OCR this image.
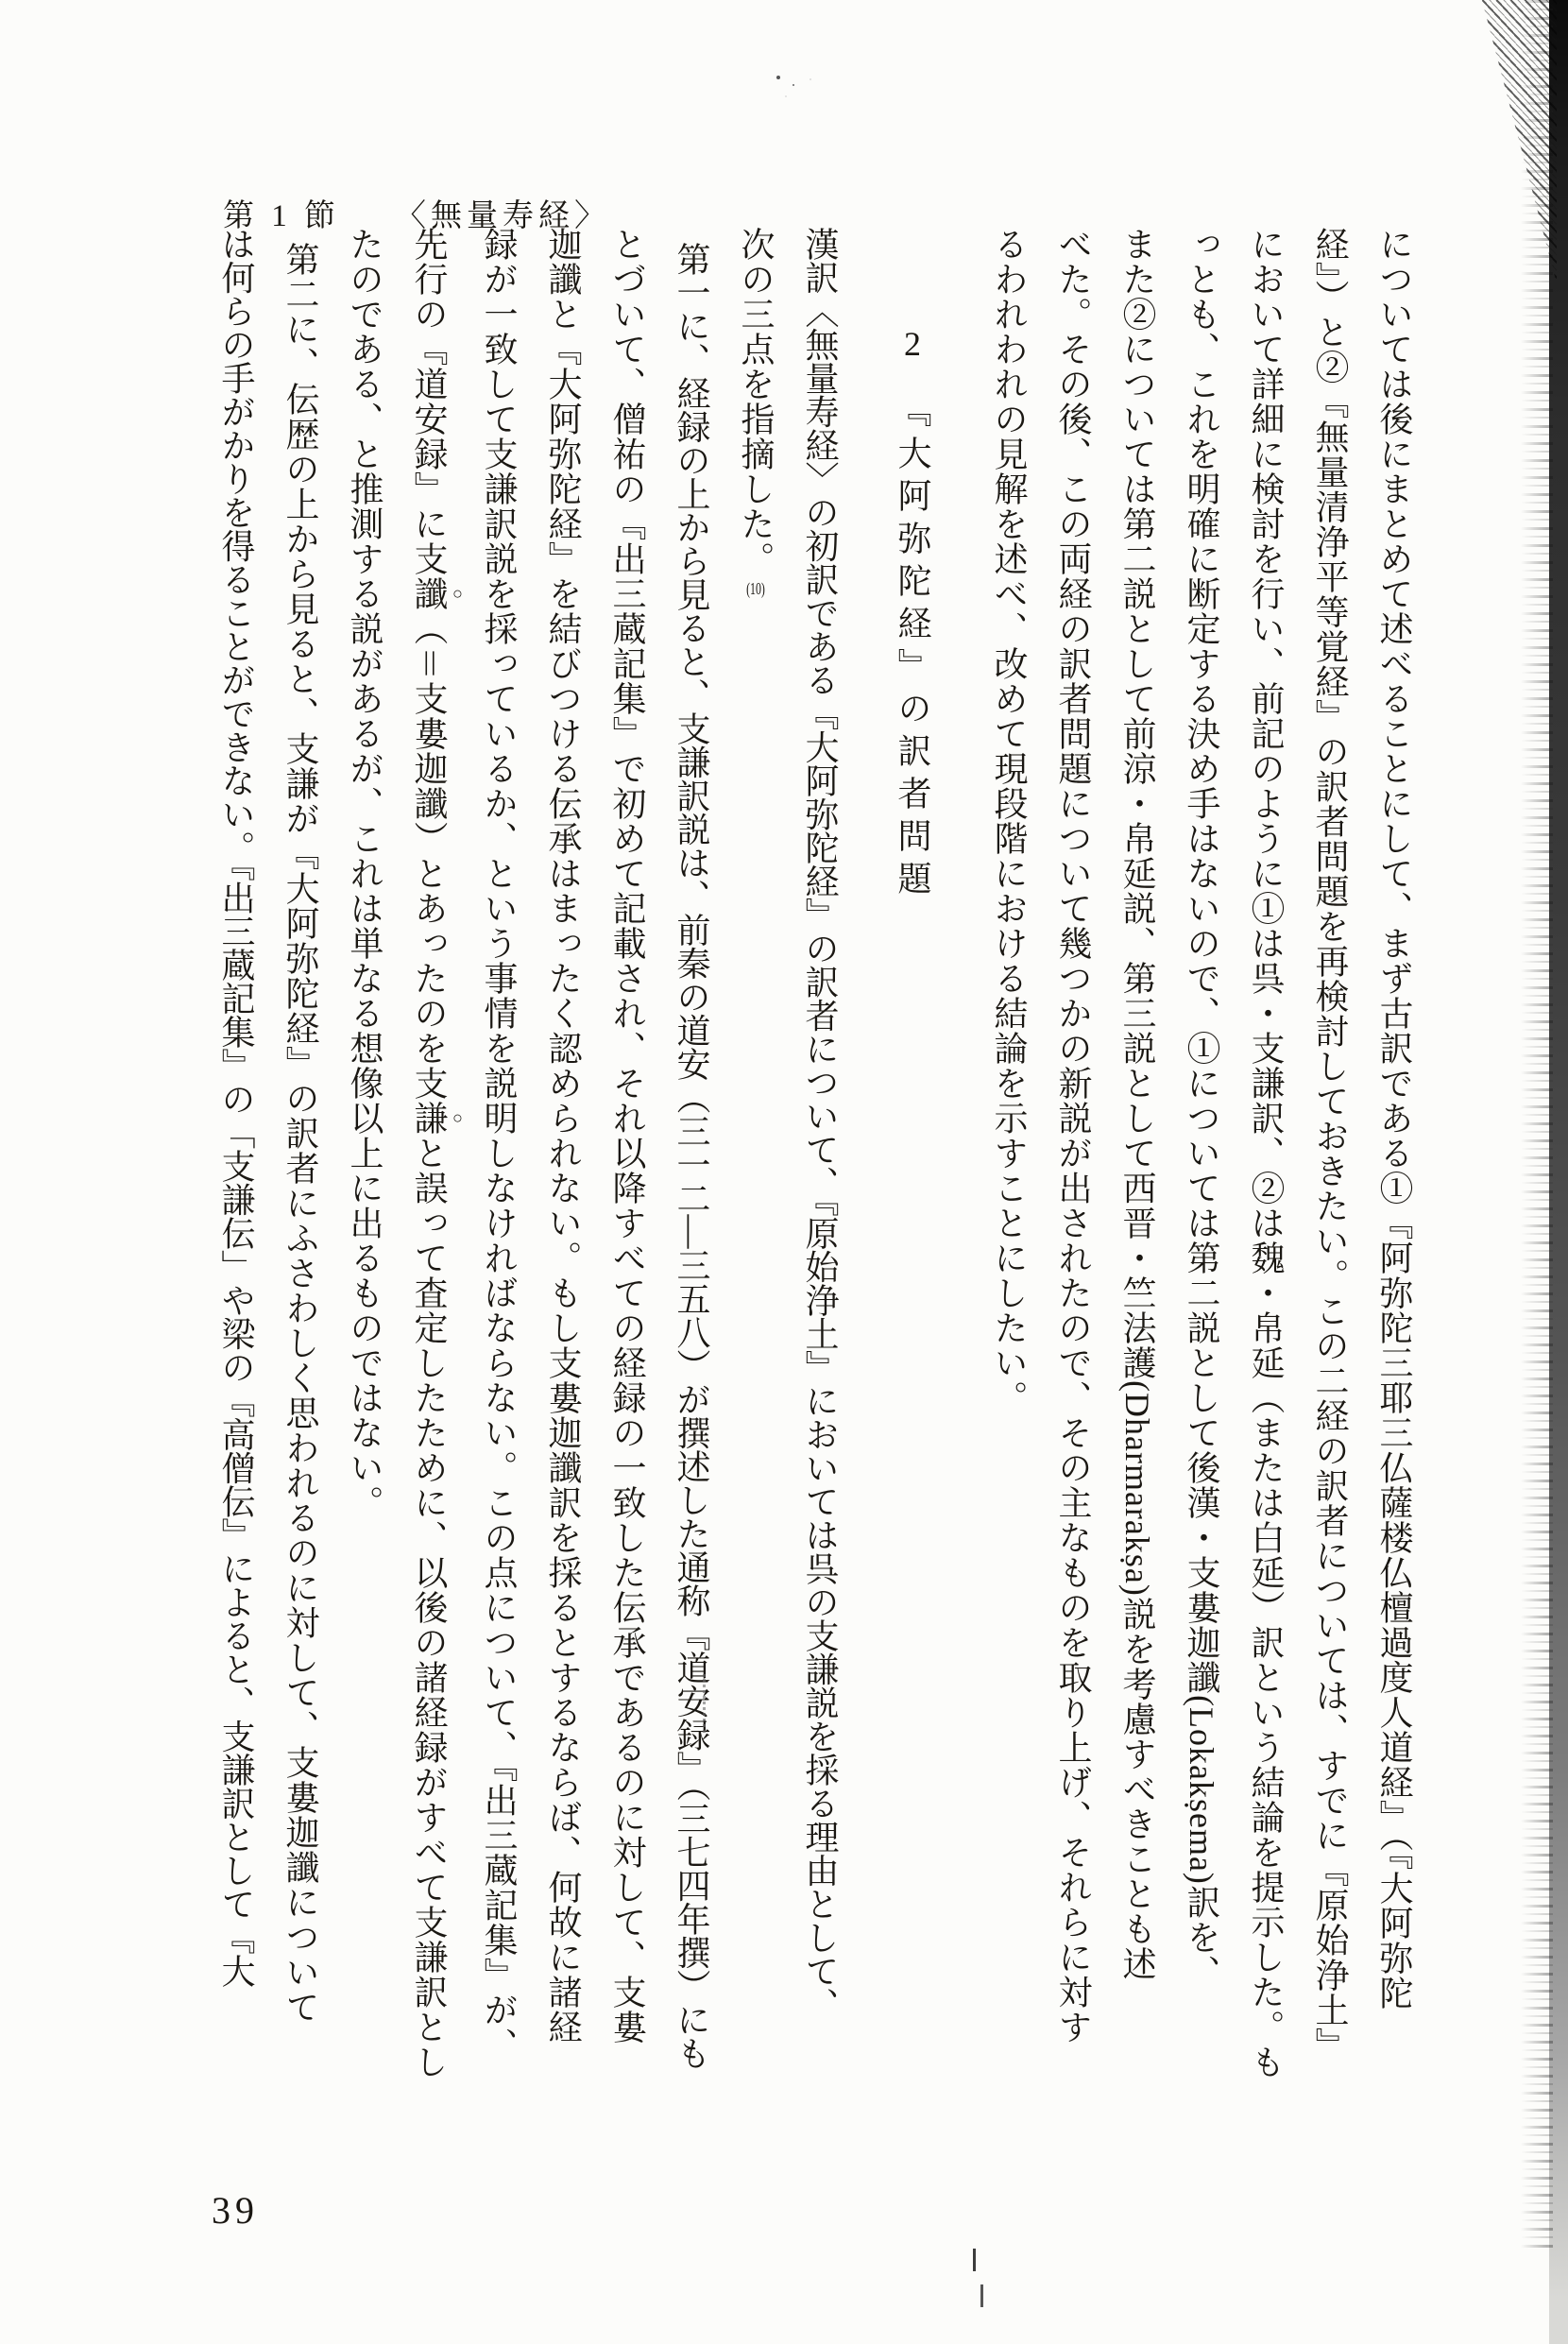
第 1 節 〈無量寿経〉

については後にまとめて述べることにして、まず古訳である①『阿弥陀三耶三仏薩楼仏檀過度人道経』（『大阿弥陀

経』）と②『無量清浄平等覚経』の訳者問題を再検討しておきたい。この二経の訳者については、すでに『原始浄土』

において詳細に検討を行い、前記のように①は呉・支謙訳、②は魏・帛延（または白延）訳という結論を提示した。も

っとも、これを明確に断定する決め手はないので、①については第二説として後漢・支婁迦讖(Lokakṣema)訳を、

また②については第二説として前涼・帛延説、第三説として西晋・竺法護(Dharmarakṣa)説を考慮すべきことも述

べた。その後、この両経の訳者問題について幾つかの新説が出されたので、その主なものを取り上げ、それらに対す

るわれわれの見解を述べ、改めて現段階における結論を示すことにしたい。

2『大阿弥陀経』の訳者問題

漢訳〈無量寿経〉の初訳である『大阿弥陀経』の訳者について、『原始浄土』においては呉の支謙説を採る理由として、

次の三点を指摘した。(10)

第一に、経録の上から見ると、支謙訳説は、前秦の道安（三一二―三五八）が撰述した通称『道安録』（三七四年撰）にも

とづいて、僧祐の『出三蔵記集』で初めて記載され、それ以降すべての経録の一致した伝承であるのに対して、支婁

迦讖と『大阿弥陀経』を結びつける伝承はまったく認められない。もし支婁迦讖訳を採るとするならば、何故に諸経

録が一致して支謙訳説を採っているか、という事情を説明しなければならない。この点について、『出三蔵記集』が、

先行の『道安録』に支讖（＝支婁迦讖）とあったのを支謙と誤って査定したために、以後の諸経録がすべて支謙訳とし

たのである、と推測する説があるが、これは単なる想像以上に出るものではない。

第二に、伝歴の上から見ると、支謙が『大阿弥陀経』の訳者にふさわしく思われるのに対して、支婁迦讖について

は何らの手がかりを得ることができない。『出三蔵記集』の「支謙伝」や梁の『高僧伝』によると、支謙訳として『大

39
